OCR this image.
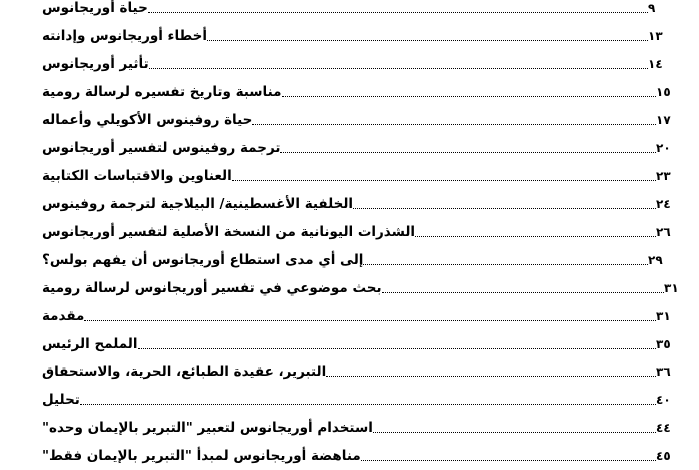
حياة أوريجانوس	٩
أخطاء أوريجانوس وإدانته	١٣
تأثير أوريجانوس	١٤
مناسبة وتاريخ تفسيره لرسالة رومية	١٥
حياة روفينوس الأكويلي وأعماله	١٧
ترجمة روفينوس لتفسير أوريجانوس	٢٠
العناوين والاقتباسات الكتابية	٢٣
الخلفية الأغسطينية/ البيلاجية لترجمة روفينوس	٢٤
الشذرات اليونانية من النسخة الأصلية لتفسير أوريجانوس	٢٦
إلى أي مدى استطاع أوريجانوس أن يفهم بولس؟	٢٩
بحث موضوعي في تفسير أوريجانوس لرسالة رومية	٣١
مقدمة	٣١
الملمح الرئيس	٣٥
التبرير، عقيدة الطبائع، الحرية، والاستحقاق	٣٦
تحليل	٤٠
استخدام أوريجانوس لتعبير "التبرير بالإيمان وحده"	٤٤
مناهضة أوريجانوس لمبدأ "التبرير بالإيمان فقط"	٤٥
